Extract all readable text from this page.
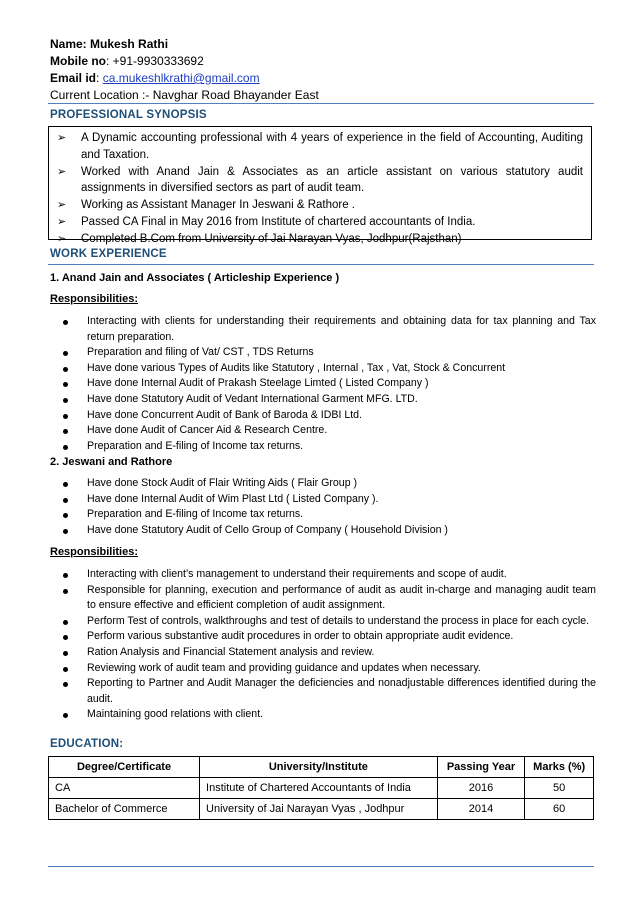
Name: Mukesh Rathi
Mobile no: +91-9930333692
Email id: ca.mukeshlkrathi@gmail.com
Current Location :- Navghar Road Bhayander East
PROFESSIONAL SYNOPSIS
➢ A Dynamic accounting professional with 4 years of experience in the field of Accounting, Auditing and Taxation.
➢ Worked with Anand Jain & Associates as an article assistant on various statutory audit assignments in diversified sectors as part of audit team.
➢ Working as Assistant Manager In Jeswani & Rathore .
➢ Passed CA Final in May 2016 from Institute of chartered accountants of India.
➢ Completed B.Com from University of Jai Narayan Vyas, Jodhpur(Rajsthan)
WORK EXPERIENCE
1. Anand Jain and Associates ( Articleship Experience )
Responsibilities:
Interacting with clients for understanding their requirements and obtaining data for tax planning and Tax return preparation.
Preparation and filing of Vat/ CST , TDS Returns
Have done various Types of Audits like Statutory , Internal , Tax , Vat, Stock & Concurrent
Have done Internal Audit of Prakash Steelage Limted ( Listed Company )
Have done Statutory Audit of Vedant International Garment MFG. LTD.
Have done Concurrent Audit of Bank of Baroda & IDBI Ltd.
Have done Audit of Cancer Aid & Research Centre.
Preparation and E-filing of Income tax returns.
2. Jeswani and Rathore
Have done Stock Audit of Flair Writing Aids ( Flair Group )
Have done Internal Audit of Wim Plast Ltd ( Listed Company ).
Preparation and E-filing of Income tax returns.
Have done Statutory Audit of Cello Group of Company ( Household Division )
Responsibilities:
Interacting with client’s management to understand their requirements and scope of audit.
Responsible for planning, execution and performance of audit as audit in-charge and managing audit team to ensure effective and efficient completion of audit assignment.
Perform Test of controls, walkthroughs and test of details to understand the process in place for each cycle.
Perform various substantive audit procedures in order to obtain appropriate audit evidence.
Ration Analysis and Financial Statement analysis and review.
Reviewing work of audit team and providing guidance and updates when necessary.
Reporting to Partner and Audit Manager the deficiencies and nonadjustable differences identified during the audit.
Maintaining good relations with client.
EDUCATION:
Degree/Certificate	University/Institute	Passing Year	Marks (%)
CA	Institute of Chartered Accountants of India	2016	50
Bachelor of Commerce	University of Jai Narayan Vyas , Jodhpur	2014	60
